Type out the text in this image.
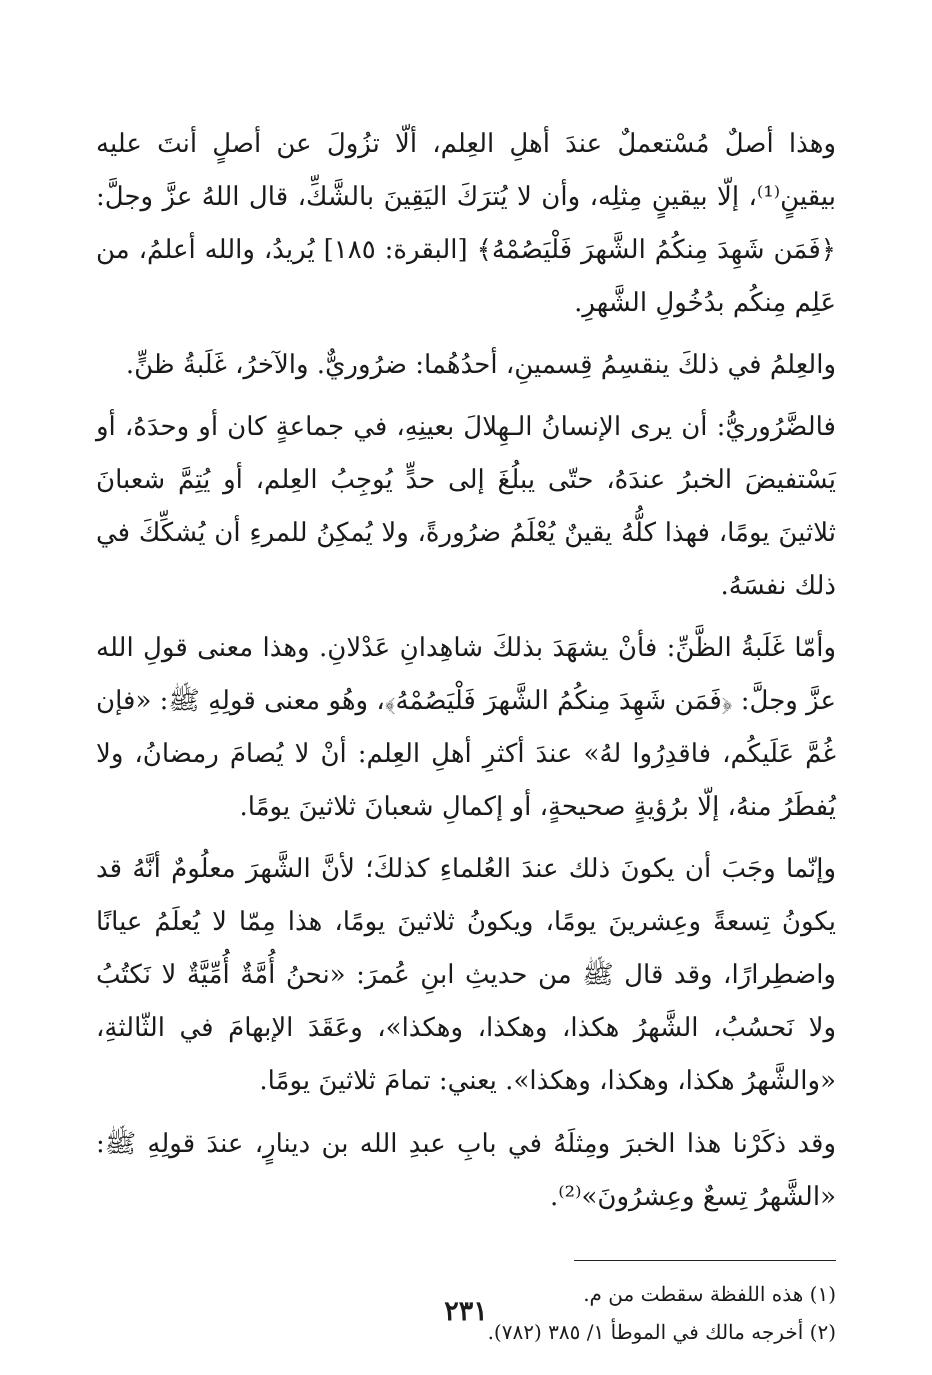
وهذا أصلٌ مُسْتعملٌ عندَ أهلِ العِلم، ألّا تزُولَ عن أصلٍ أنتَ عليه بيقينٍ⁽¹⁾، إلّا بيقينٍ مِثلِه، وأن لا يُترَكَ اليَقِينَ بالشَّكِّ، قال اللهُ عزَّ وجلَّ: ﴿فَمَن شَهِدَ مِنكُمُ الشَّهرَ فَلْيَصُمْهُ﴾ [البقرة: ١٨٥] يُريدُ، والله أعلمُ، من عَلِم مِنكُم بدُخُولِ الشَّهرِ.

والعِلمُ في ذلكَ ينقسِمُ قِسمينِ، أحدُهُما: ضرُوريٌّ. والآخرُ، غَلَبةُ ظنٍّ.

فالضَّرُوريُّ: أن يرى الإنسانُ الـهِلالَ بعينِهِ، في جماعةٍ كان أو وحدَهُ، أو يَسْتفيضَ الخبرُ عندَهُ، حتّى يبلُغَ إلى حدٍّ يُوجِبُ العِلم، أو يُتِمَّ شعبانَ ثلاثينَ يومًا، فهذا كلُّهُ يقينٌ يُعْلَمُ ضرُورةً، ولا يُمكِنُ للمرءِ أن يُشكِّكَ في ذلك نفسَهُ.

وأمّا غَلَبةُ الظَّنِّ: فأنْ يشهَدَ بذلكَ شاهِدانِ عَدْلانِ. وهذا معنى قولِ الله عزَّ وجلَّ: ﴿فَمَن شَهِدَ مِنكُمُ الشَّهرَ فَلْيَصُمْهُ﴾، وهُو معنى قولِهِ ﷺ: «فإن غُمَّ عَلَيكُم، فاقدِرُوا لهُ» عندَ أكثرِ أهلِ العِلم: أنْ لا يُصامَ رمضانُ، ولا يُفطَرُ منهُ، إلّا برُؤيةٍ صحيحةٍ، أو إكمالِ شعبانَ ثلاثينَ يومًا.

وإنّما وجَبَ أن يكونَ ذلك عندَ العُلماءِ كذلكَ؛ لأنَّ الشَّهرَ معلُومٌ أنَّهُ قد يكونُ تِسعةً وعِشرينَ يومًا، ويكونُ ثلاثينَ يومًا، هذا مِمّا لا يُعلَمُ عيانًا واضطِرارًا، وقد قال ﷺ من حديثِ ابنِ عُمرَ: «نحنُ أُمَّةٌ أُمِّيَّةٌ لا نَكتُبُ ولا نَحسُبُ، الشَّهرُ هكذا، وهكذا، وهكذا»، وعَقَدَ الإبهامَ في الثّالثةِ، «والشَّهرُ هكذا، وهكذا، وهكذا». يعني: تمامَ ثلاثينَ يومًا.

وقد ذكَرْنا هذا الخبرَ ومِثلَهُ في بابِ عبدِ الله بن دينارٍ، عندَ قولِهِ ﷺ: «الشَّهرُ تِسعٌ وعِشرُونَ»⁽²⁾.

(١) هذه اللفظة سقطت من م.

(٢) أخرجه مالك في الموطأ ١/ ٣٨٥ (٧٨٢).

٢٣١
